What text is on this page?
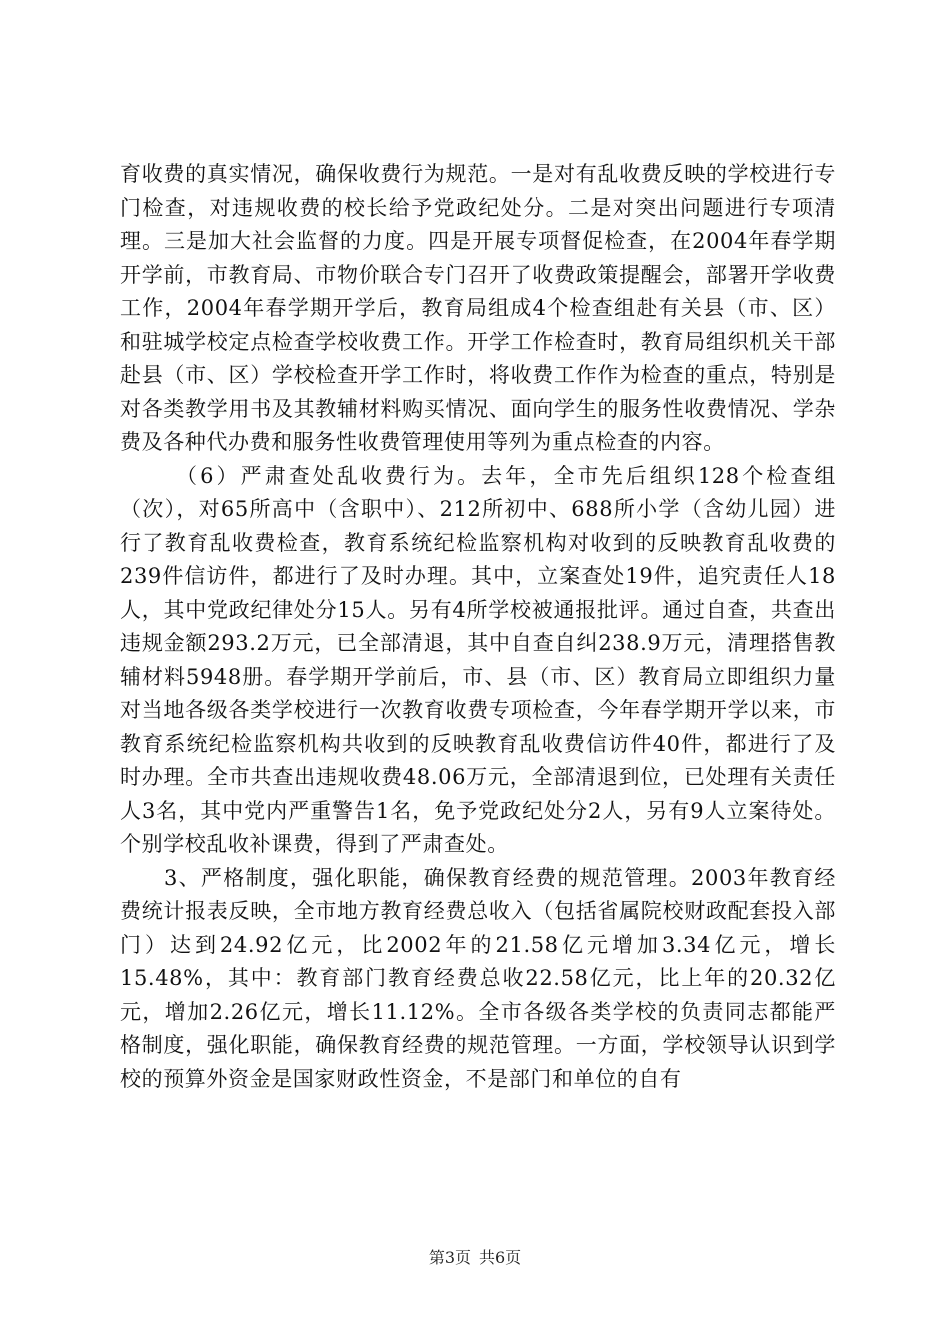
育收费的真实情况，确保收费行为规范。一是对有乱收费反映的学校进行专门检查，对违规收费的校长给予党政纪处分。二是对突出问题进行专项清理。三是加大社会监督的力度。四是开展专项督促检查，在2004年春学期开学前，市教育局、市物价联合专门召开了收费政策提醒会，部署开学收费工作，2004年春学期开学后，教育局组成4个检查组赴有关县（市、区）和驻城学校定点检查学校收费工作。开学工作检查时，教育局组织机关干部赴县（市、区）学校检查开学工作时，将收费工作作为检查的重点，特别是对各类教学用书及其教辅材料购买情况、面向学生的服务性收费情况、学杂费及各种代办费和服务性收费管理使用等列为重点检查的内容。

（6）严肃查处乱收费行为。去年，全市先后组织128个检查组（次），对65所高中（含职中）、212所初中、688所小学（含幼儿园）进行了教育乱收费检查，教育系统纪检监察机构对收到的反映教育乱收费的239件信访件，都进行了及时办理。其中，立案查处19件，追究责任人18人，其中党政纪律处分15人。另有4所学校被通报批评。通过自查，共查出违规金额293.2万元，已全部清退，其中自查自纠238.9万元，清理搭售教辅材料5948册。春学期开学前后，市、县（市、区）教育局立即组织力量对当地各级各类学校进行一次教育收费专项检查，今年春学期开学以来，市教育系统纪检监察机构共收到的反映教育乱收费信访件40件，都进行了及时办理。全市共查出违规收费48.06万元，全部清退到位，已处理有关责任人3名，其中党内严重警告1名，免予党政纪处分2人，另有9人立案待处。个别学校乱收补课费，得到了严肃查处。

3、严格制度，强化职能，确保教育经费的规范管理。2003年教育经费统计报表反映，全市地方教育经费总收入（包括省属院校财政配套投入部门）达到24.92亿元，比2002年的21.58亿元增加3.34亿元，增长15.48%，其中：教育部门教育经费总收22.58亿元，比上年的20.32亿元，增加2.26亿元，增长11.12%。全市各级各类学校的负责同志都能严格制度，强化职能，确保教育经费的规范管理。一方面，学校领导认识到学校的预算外资金是国家财政性资金，不是部门和单位的自有

第3页 共6页
